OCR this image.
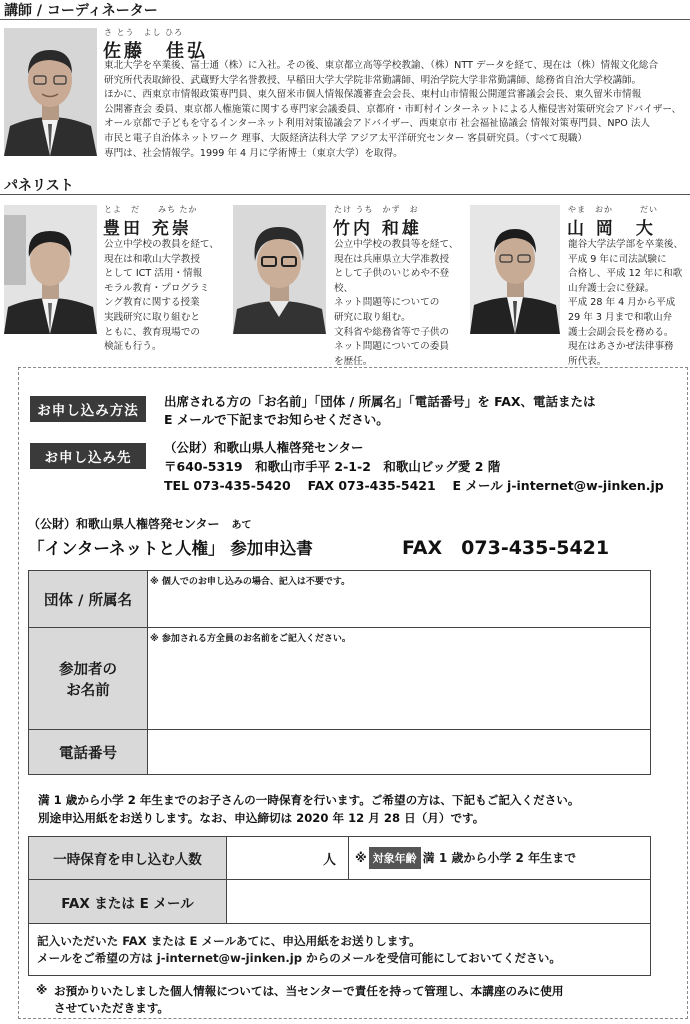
講師 / コーディネーター
さ とう　よし ひろ
佐藤　佳弘
東北大学を卒業後、富士通（株）に入社。その後、東京都立高等学校教諭、（株）NTT データを経て、現在は（株）情報文化総合
研究所代表取締役、武蔵野大学名誉教授、早稲田大学大学院非常勤講師、明治学院大学非常勤講師、総務省自治大学校講師。
ほかに、西東京市情報政策専門員、東久留米市個人情報保護審査会会長、東村山市情報公開運営審議会会長、東久留米市情報
公開審査会 委員、東京都人権施策に関する専門家会議委員、京都府・市町村インターネットによる人権侵害対策研究会アドバイザー、
オール京都で子どもを守るインターネット利用対策協議会アドバイザー、西東京市 社会福祉協議会 情報対策専門員、NPO 法人
市民と電子自治体ネットワーク 理事、大阪経済法科大学 アジア太平洋研究センター 客員研究員。（すべて現職）
専門は、社会情報学。1999 年 4 月に学術博士（東京大学）を取得。
パネリスト
とよ　だ　　みち たか
豊田 充崇
公立中学校の教員を経て、
現在は和歌山大学教授
として ICT 活用・情報
モラル教育・プログラミ
ング教育に関する授業
実践研究に取り組むと
ともに、教育現場での
検証も行う。
たけ うち　かず　お
竹内 和雄
公立中学校の教員等を経て、
現在は兵庫県立大学准教授
として子供のいじめや不登校、
ネット問題等についての
研究に取り組む。
文科省や総務省等で子供の
ネット問題についての委員
を歴任。
やま　おか　　　だい
山 岡　大
龍谷大学法学部を卒業後、
平成 9 年に司法試験に
合格し、平成 12 年に和歌
山弁護士会に登録。
平成 28 年 4 月から平成
29 年 3 月まで和歌山弁
護士会副会長を務める。
現在はあさかぜ法律事務
所代表。
お申し込み方法
出席される方の「お名前」「団体 / 所属名」「電話番号」を FAX、電話または
E メールで下記までお知らせください。
お申し込み先
（公財）和歌山県人権啓発センター
〒640-5319　和歌山市手平 2-1-2　和歌山ビッグ愛 2 階
TEL 073-435-5420　 FAX 073-435-5421　 E メール j-internet@w-jinken.jp
（公財）和歌山県人権啓発センター　 あて
「インターネットと人権」 参加申込書	FAX　073-435-5421
団体 / 所属名	※ 個人でのお申し込みの場合、記入は不要です。

参加者の
お名前	※ 参加される方全員のお名前をご記入ください。

電話番号	
満 1 歳から小学 2 年生までのお子さんの一時保育を行います。ご希望の方は、下記もご記入ください。
別途申込用紙をお送りします。なお、申込締切は 2020 年 12 月 28 日（月）です。
一時保育を申し込む人数	人	※ 対象年齢 満 1 歳から小学 2 年生まで
FAX または E メール		

記入いただいた FAX または E メールあてに、申込用紙をお送りします。
メールをご希望の方は j-internet@w-jinken.jp からのメールを受信可能にしておいてください。		
※ お預かりいたしました個人情報については、当センターで責任を持って管理し、本講座のみに使用
させていただきます。
